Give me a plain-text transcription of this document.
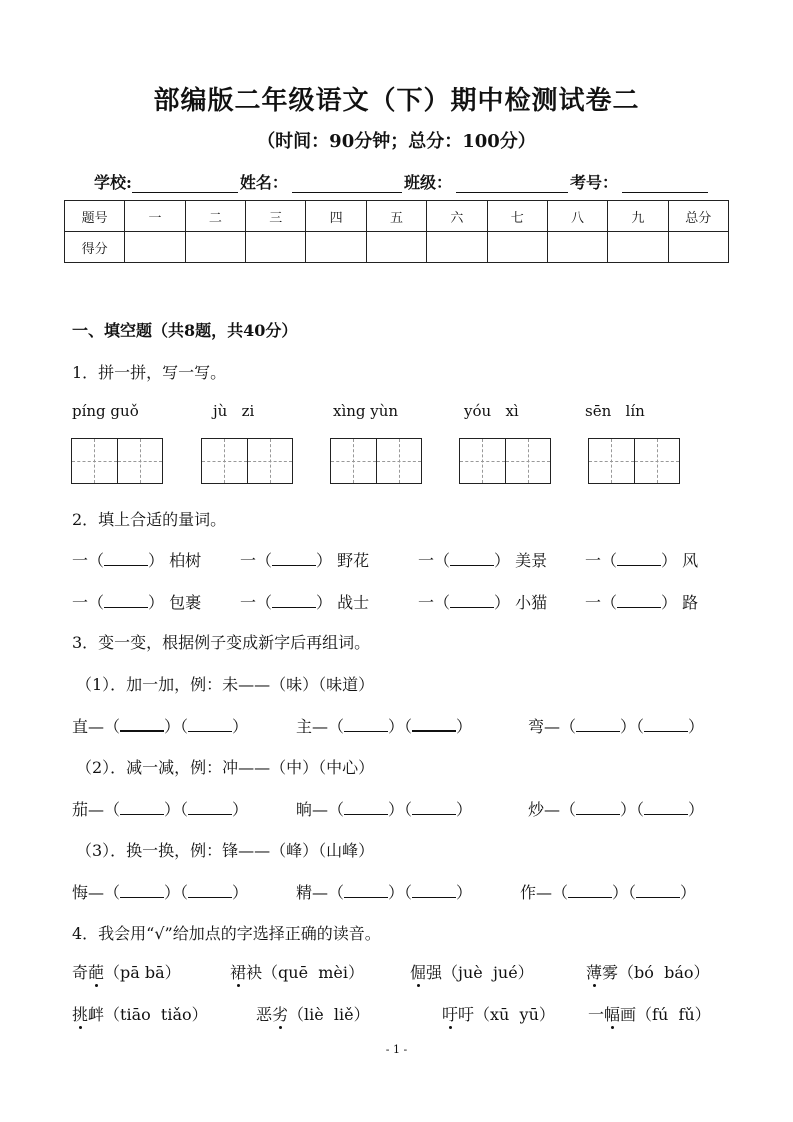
部编版二年级语文（下）期中检测试卷二
（时间：90分钟；总分：100分）
学校:	姓名：	班级：	考号：
题号	一	二	三	四	五	六	七	八	九	总分
得分										
一、填空题（共8题，共40分）
1．拼一拼，写一写。
píng guǒ	jù   zi	xìng yùn	yóu   xì	sēn   lín
2．填上合适的量词。
一（	） 柏树 一（	） 野花	一（	） 美景 一（	） 风
一（	） 包裹 一（	） 战士	一（	） 小猫 一（	） 路
3．变一变，根据例子变成新字后再组词。
（1）．加一加，例：未——（味）（味道）
直—（	）（	）	主—（	）（	）	弯—（	）（	）
（2）．减一减，例：冲——（中）（中心）
茄—（	）（	）	晌—（	）（	）	炒—（	）（	）
（3）．换一换，例：锋——（峰）（山峰）
悔—（	）（	）	精—（	）（	）	作—（	）（	）
4．我会用“√”给加点的字选择正确的读音。
奇葩（pā bā）	裙袂（quē  mèi）	倔强（juè  jué）	薄雾（bó  báo）
挑衅（tiāo  tiǎo）	恶劣（liè  liě）	吁吁（xū  yū） 一幅画（fú  fǔ）
- 1 -
